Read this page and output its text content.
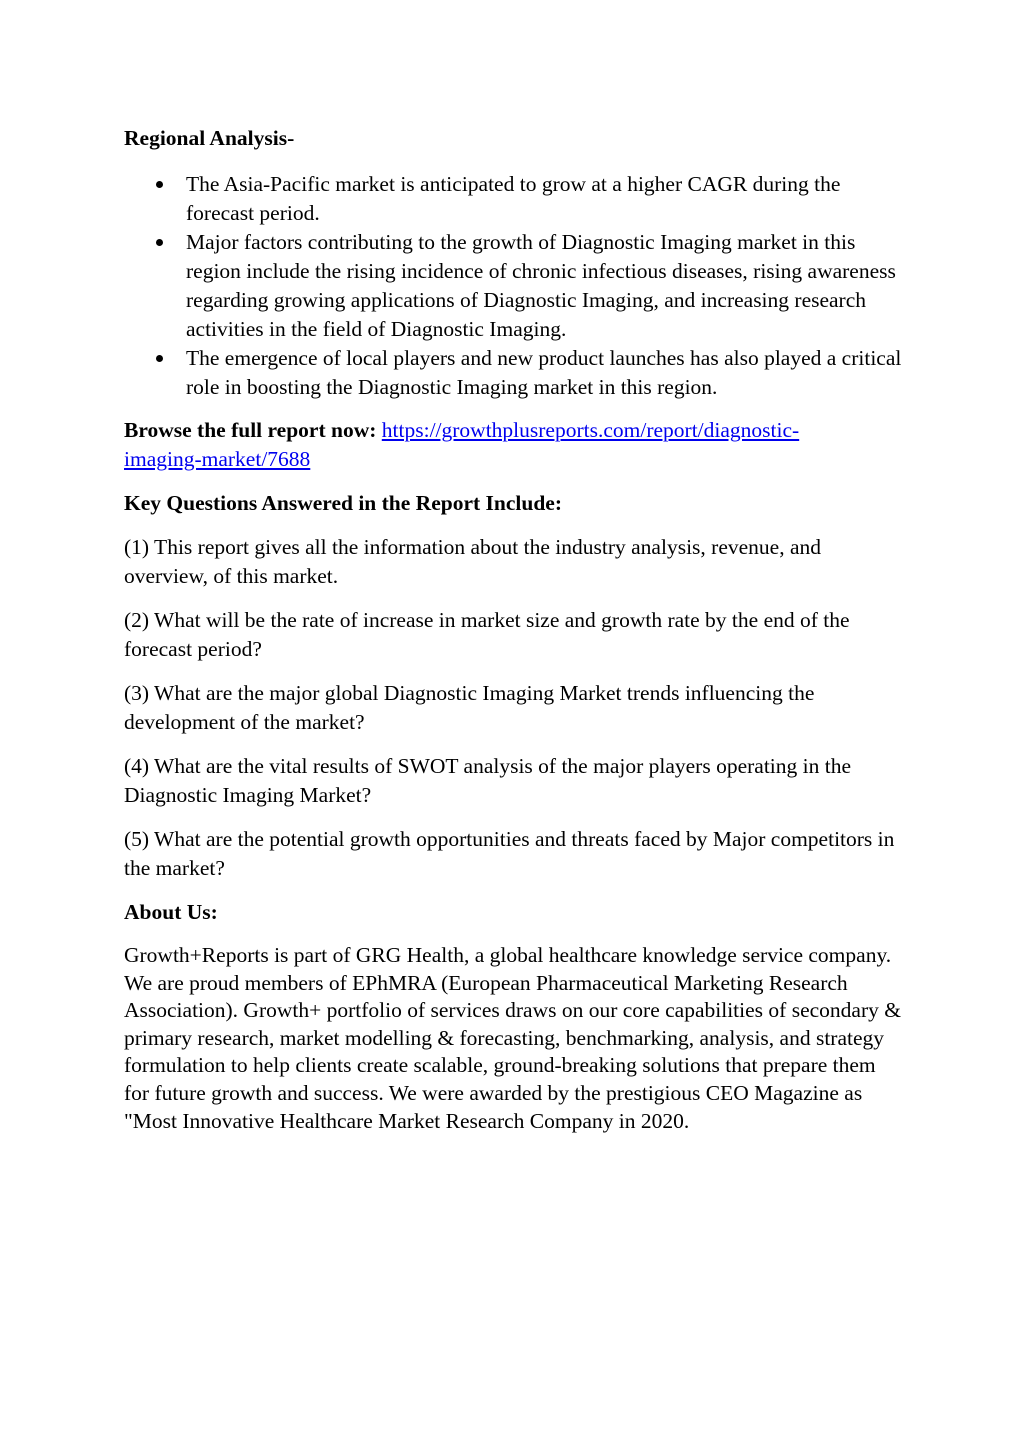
Regional Analysis-
The Asia-Pacific market is anticipated to grow at a higher CAGR during the forecast period.
Major factors contributing to the growth of Diagnostic Imaging market in this region include the rising incidence of chronic infectious diseases, rising awareness regarding growing applications of Diagnostic Imaging, and increasing research activities in the field of Diagnostic Imaging.
The emergence of local players and new product launches has also played a critical role in boosting the Diagnostic Imaging market in this region.

Browse the full report now: https://growthplusreports.com/report/diagnostic-
imaging-market/7688

Key Questions Answered in the Report Include:

(1) This report gives all the information about the industry analysis, revenue, and overview, of this market.

(2) What will be the rate of increase in market size and growth rate by the end of the forecast period?

(3) What are the major global Diagnostic Imaging Market trends influencing the development of the market?

(4) What are the vital results of SWOT analysis of the major players operating in the Diagnostic Imaging Market?

(5) What are the potential growth opportunities and threats faced by Major competitors in the market?

About Us:

Growth+Reports is part of GRG Health, a global healthcare knowledge service company. We are proud members of EPhMRA (European Pharmaceutical Marketing Research Association). Growth+ portfolio of services draws on our core capabilities of secondary & primary research, market modelling & forecasting, benchmarking, analysis, and strategy formulation to help clients create scalable, ground-breaking solutions that prepare them for future growth and success. We were awarded by the prestigious CEO Magazine as "Most Innovative Healthcare Market Research Company in 2020.
